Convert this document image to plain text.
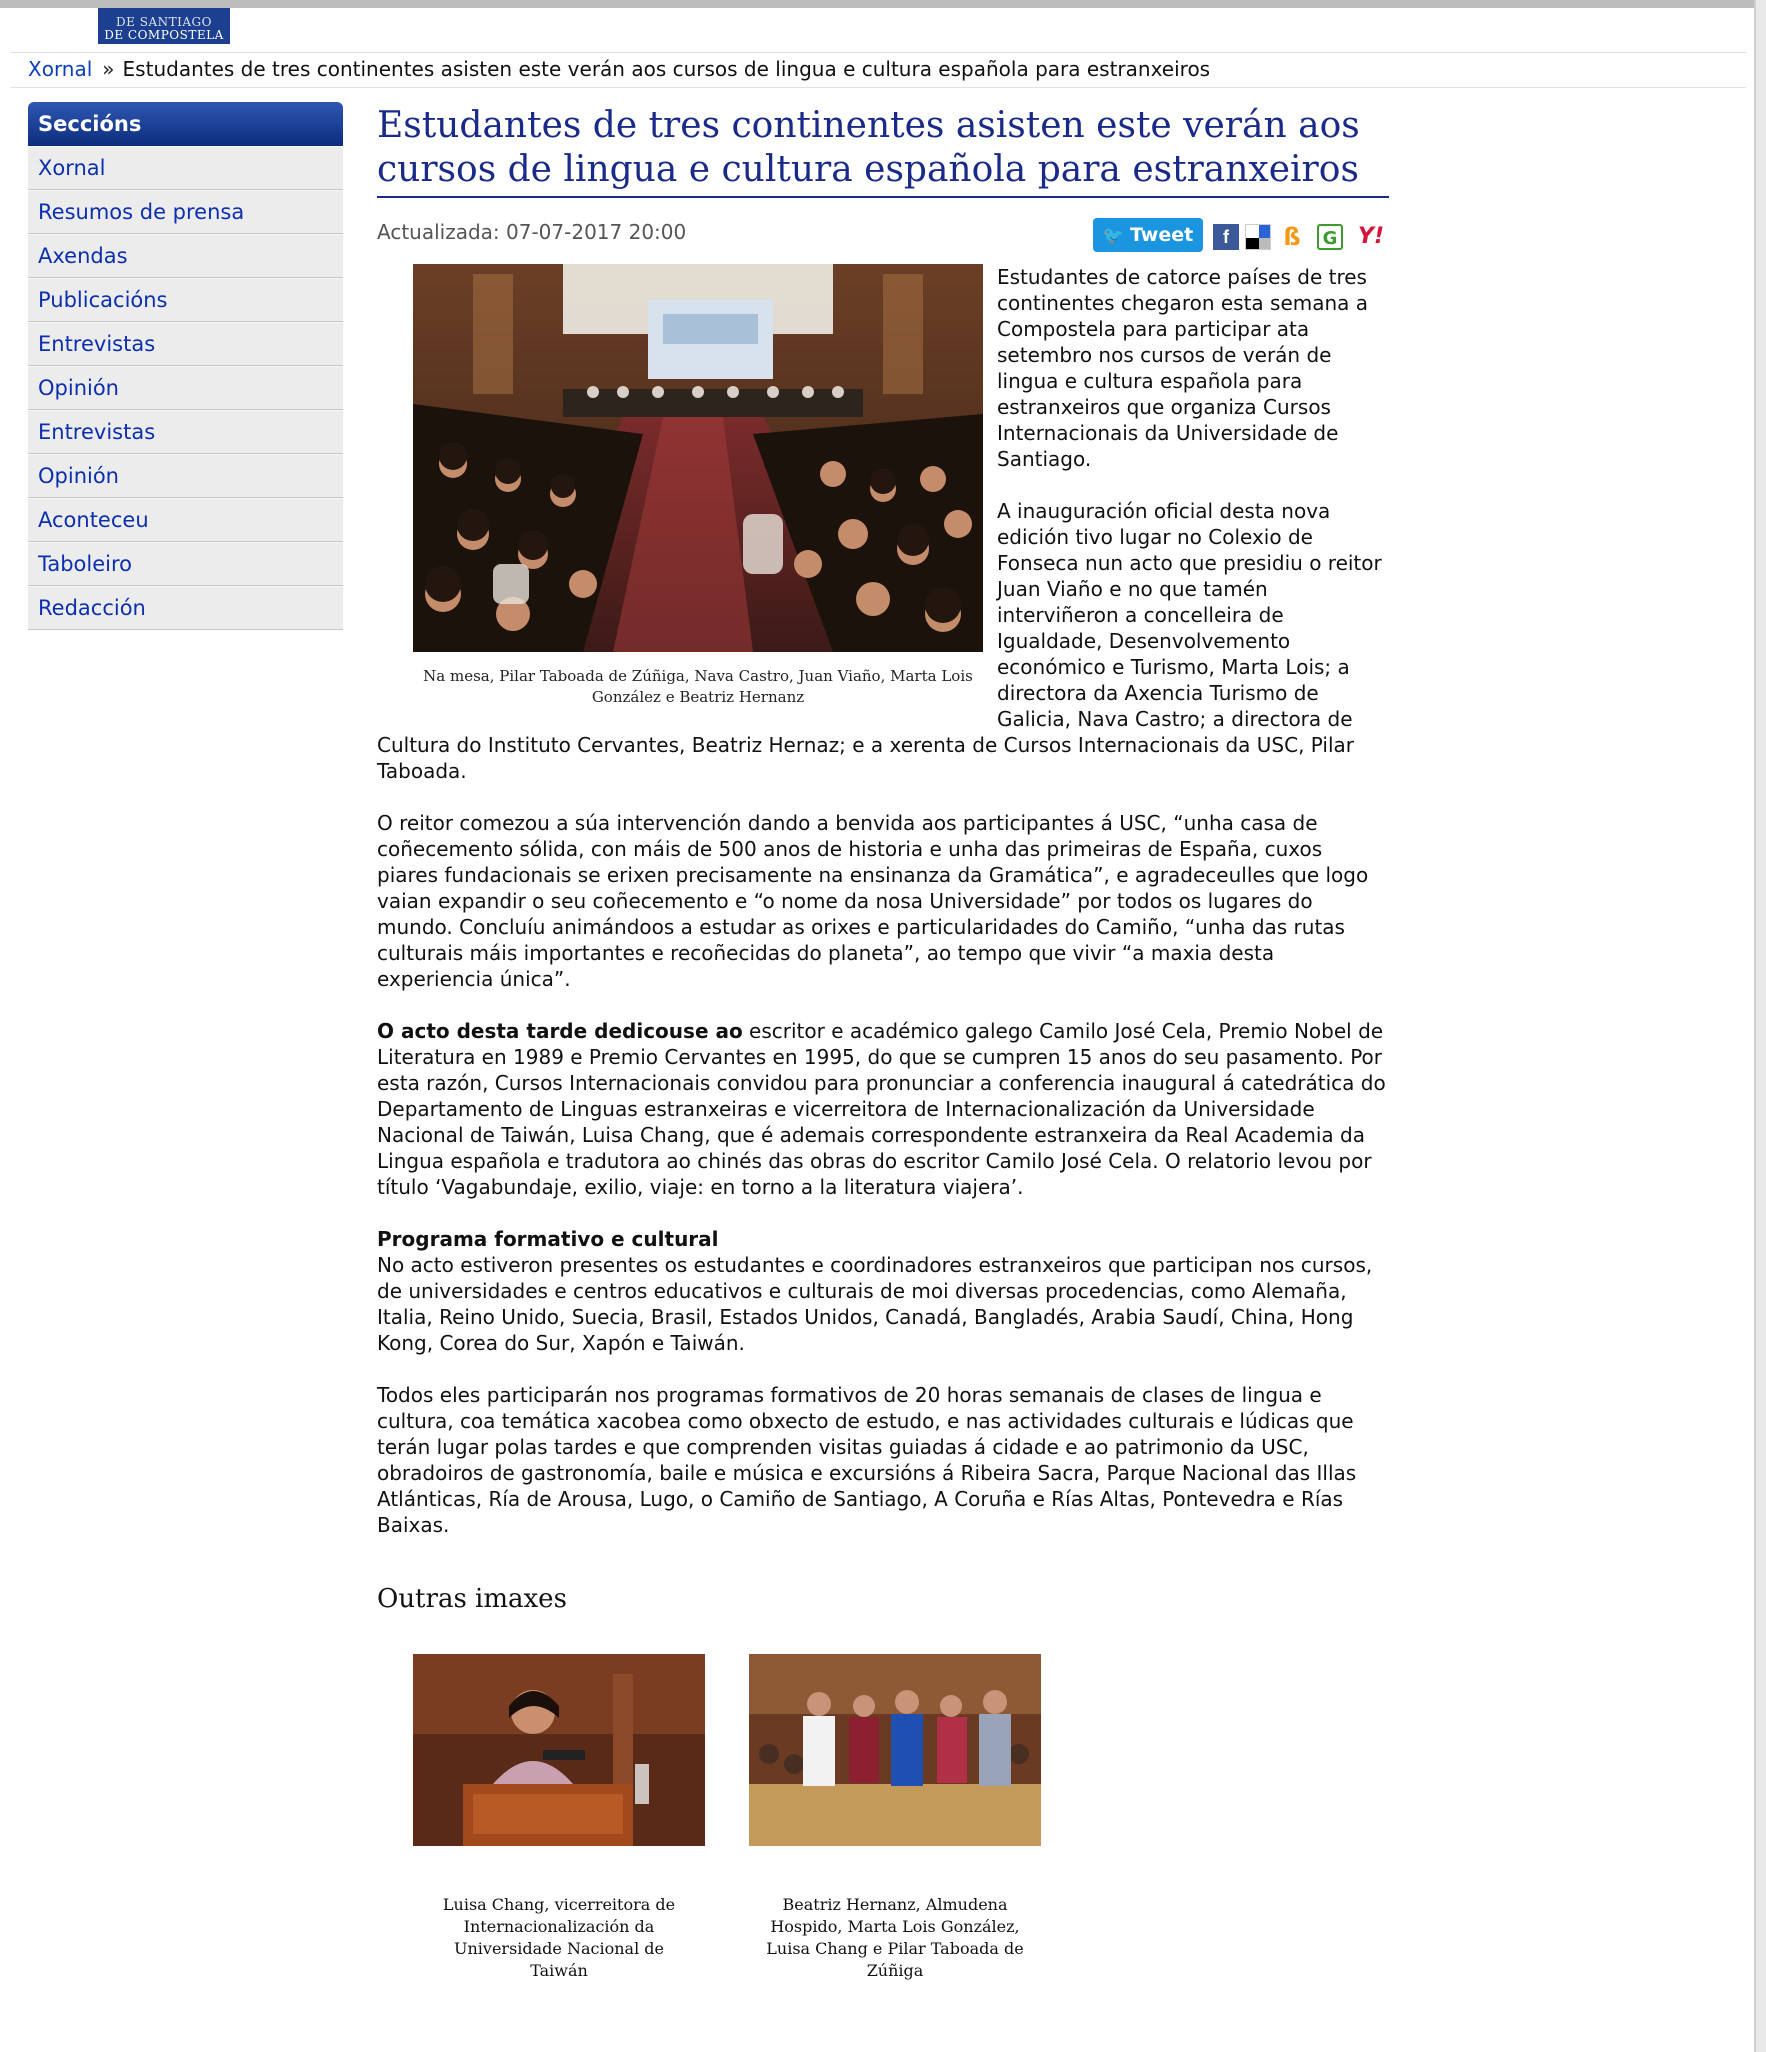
DE SANTIAGO
DE COMPOSTELA
Xornal » Estudantes de tres continentes asisten este verán aos cursos de lingua e cultura española para estranxeiros
Seccións
Xornal
Resumos de prensa
Axendas
Publicacións
Entrevistas
Opinión
Entrevistas
Opinión
Aconteceu
Taboleiro
Redacción
Estudantes de tres continentes asisten este verán aos cursos de lingua e cultura española para estranxeiros
Actualizada: 07-07-2017 20:00	🐦 Tweet	f	ß	G Y!
Na mesa, Pilar Taboada de Zúñiga, Nava Castro, Juan Viaño, Marta Lois González e Beatriz Hernanz

Estudantes de catorce países de tres continentes chegaron esta semana a Compostela para participar ata setembro nos cursos de verán de lingua e cultura española para estranxeiros que organiza Cursos Internacionais da Universidade de Santiago.

A inauguración oficial desta nova edición tivo lugar no Colexio de Fonseca nun acto que presidiu o reitor Juan Viaño e no que tamén interviñeron a concelleira de Igualdade, Desenvolvemento económico e Turismo, Marta Lois; a directora da Axencia Turismo de Galicia, Nava Castro; a directora de Cultura do Instituto Cervantes, Beatriz Hernaz; e a xerenta de Cursos Internacionais da USC, Pilar Taboada.

O reitor comezou a súa intervención dando a benvida aos participantes á USC, “unha casa de coñecemento sólida, con máis de 500 anos de historia e unha das primeiras de España, cuxos piares fundacionais se erixen precisamente na ensinanza da Gramática”, e agradeceulles que logo vaian expandir o seu coñecemento e “o nome da nosa Universidade” por todos os lugares do mundo. Concluíu animándoos a estudar as orixes e particularidades do Camiño, “unha das rutas culturais máis importantes e recoñecidas do planeta”, ao tempo que vivir “a maxia desta experiencia única”.

O acto desta tarde dedicouse ao escritor e académico galego Camilo José Cela, Premio Nobel de Literatura en 1989 e Premio Cervantes en 1995, do que se cumpren 15 anos do seu pasamento. Por esta razón, Cursos Internacionais convidou para pronunciar a conferencia inaugural á catedrática do Departamento de Linguas estranxeiras e vicerreitora de Internacionalización da Universidade Nacional de Taiwán, Luisa Chang, que é ademais correspondente estranxeira da Real Academia da Lingua española e tradutora ao chinés das obras do escritor Camilo José Cela. O relatorio levou por título ‘Vagabundaje, exilio, viaje: en torno a la literatura viajera’.

Programa formativo e cultural
No acto estiveron presentes os estudantes e coordinadores estranxeiros que participan nos cursos, de universidades e centros educativos e culturais de moi diversas procedencias, como Alemaña, Italia, Reino Unido, Suecia, Brasil, Estados Unidos, Canadá, Bangladés, Arabia Saudí, China, Hong Kong, Corea do Sur, Xapón e Taiwán.

Todos eles participarán nos programas formativos de 20 horas semanais de clases de lingua e cultura, coa temática xacobea como obxecto de estudo, e nas actividades culturais e lúdicas que terán lugar polas tardes e que comprenden visitas guiadas á cidade e ao patrimonio da USC, obradoiros de gastronomía, baile e música e excursións á Ribeira Sacra, Parque Nacional das Illas Atlánticas, Ría de Arousa, Lugo, o Camiño de Santiago, A Coruña e Rías Altas, Pontevedra e Rías Baixas.

Outras imaxes
Luisa Chang, vicerreitora de Internacionalización da Universidade Nacional de Taiwán
Beatriz Hernanz, Almudena Hospido, Marta Lois González, Luisa Chang e Pilar Taboada de Zúñiga
